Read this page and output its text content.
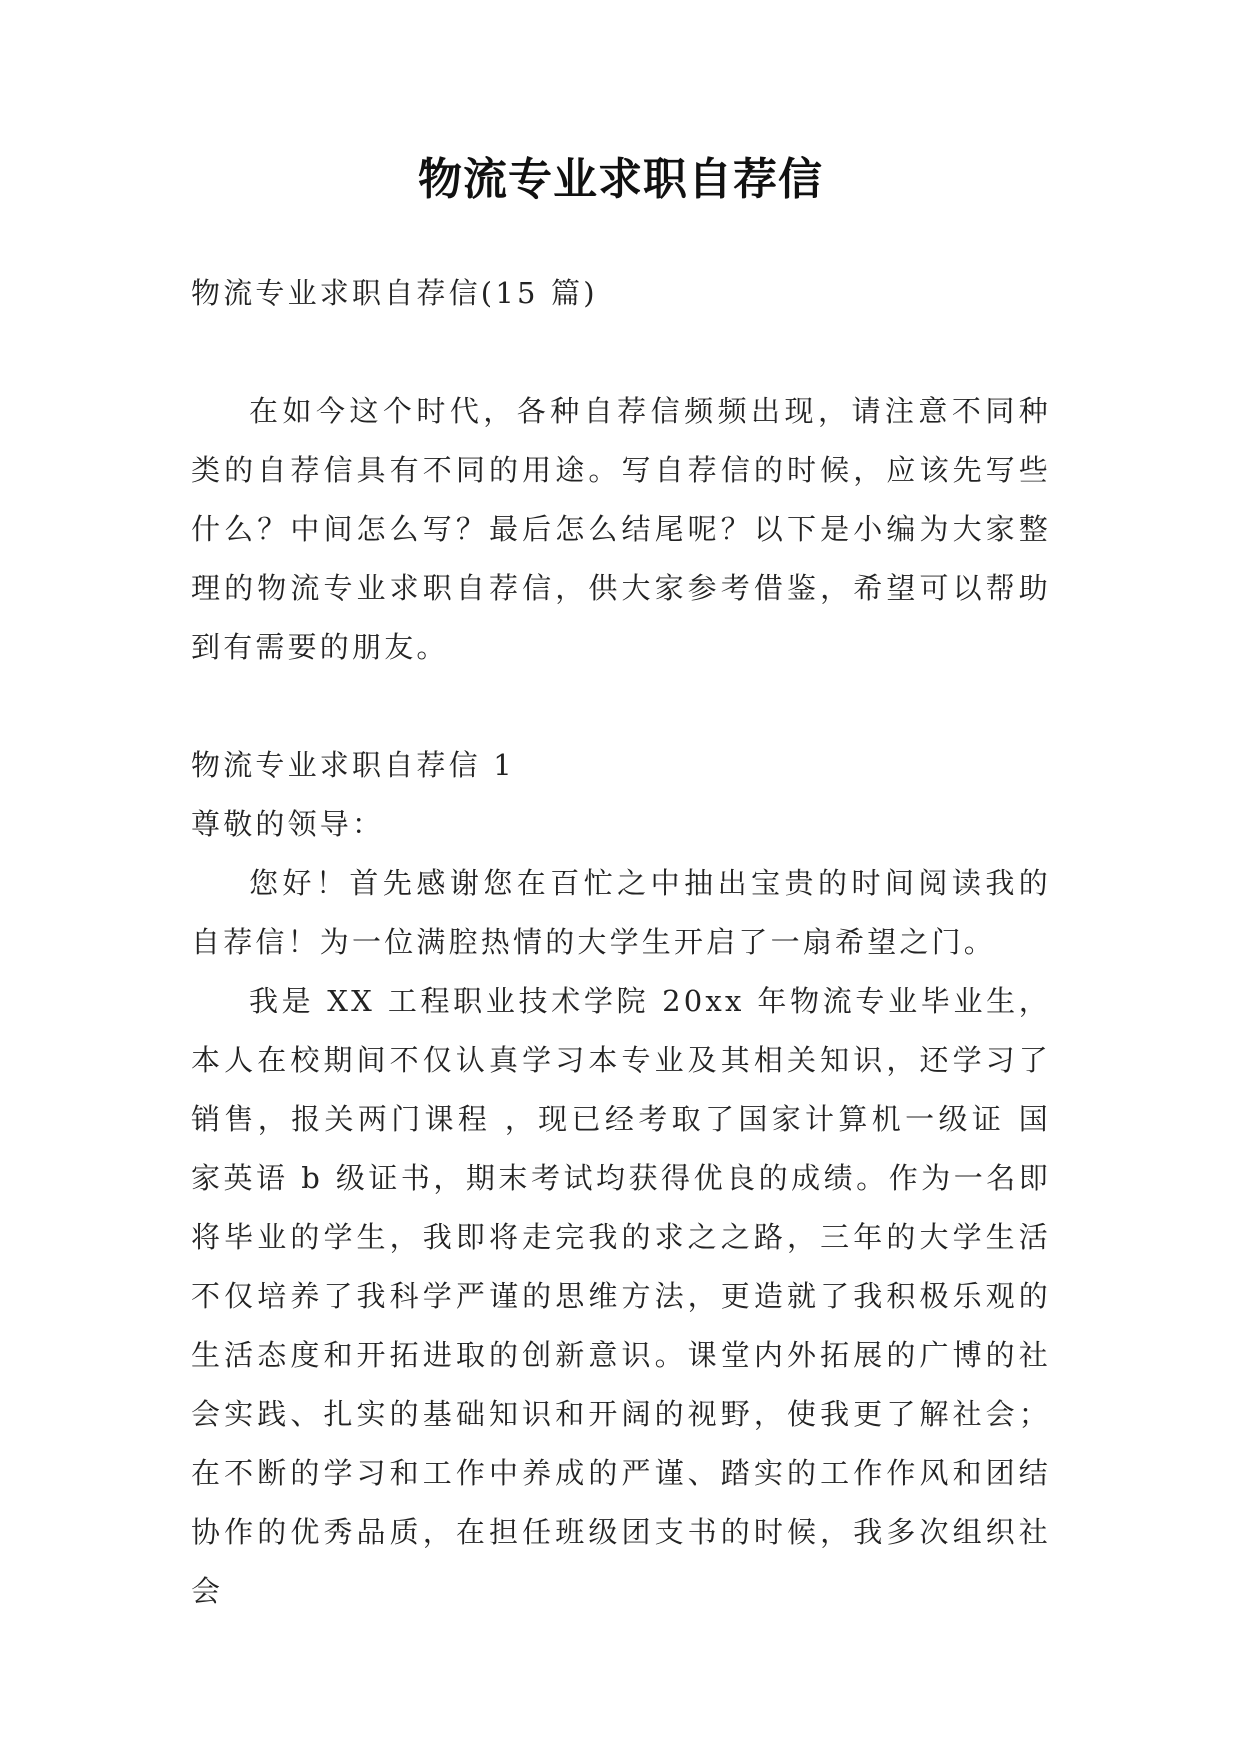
物流专业求职自荐信

物流专业求职自荐信(15 篇)

在如今这个时代，各种自荐信频频出现，请注意不同种类的自荐信具有不同的用途。写自荐信的时候，应该先写些什么？中间怎么写？最后怎么结尾呢？以下是小编为大家整理的物流专业求职自荐信，供大家参考借鉴，希望可以帮助到有需要的朋友。

物流专业求职自荐信 1

尊敬的领导：

您好！首先感谢您在百忙之中抽出宝贵的时间阅读我的自荐信！为一位满腔热情的大学生开启了一扇希望之门。

我是 XX 工程职业技术学院 20xx 年物流专业毕业生，本人在校期间不仅认真学习本专业及其相关知识，还学习了销售，报关两门课程 ，现已经考取了国家计算机一级证 国家英语 b 级证书，期末考试均获得优良的成绩。作为一名即将毕业的学生，我即将走完我的求之之路，三年的大学生活不仅培养了我科学严谨的思维方法，更造就了我积极乐观的生活态度和开拓进取的创新意识。课堂内外拓展的广博的社会实践、扎实的基础知识和开阔的视野，使我更了解社会；在不断的学习和工作中养成的严谨、踏实的工作作风和团结协作的优秀品质，在担任班级团支书的时候，我多次组织社会
